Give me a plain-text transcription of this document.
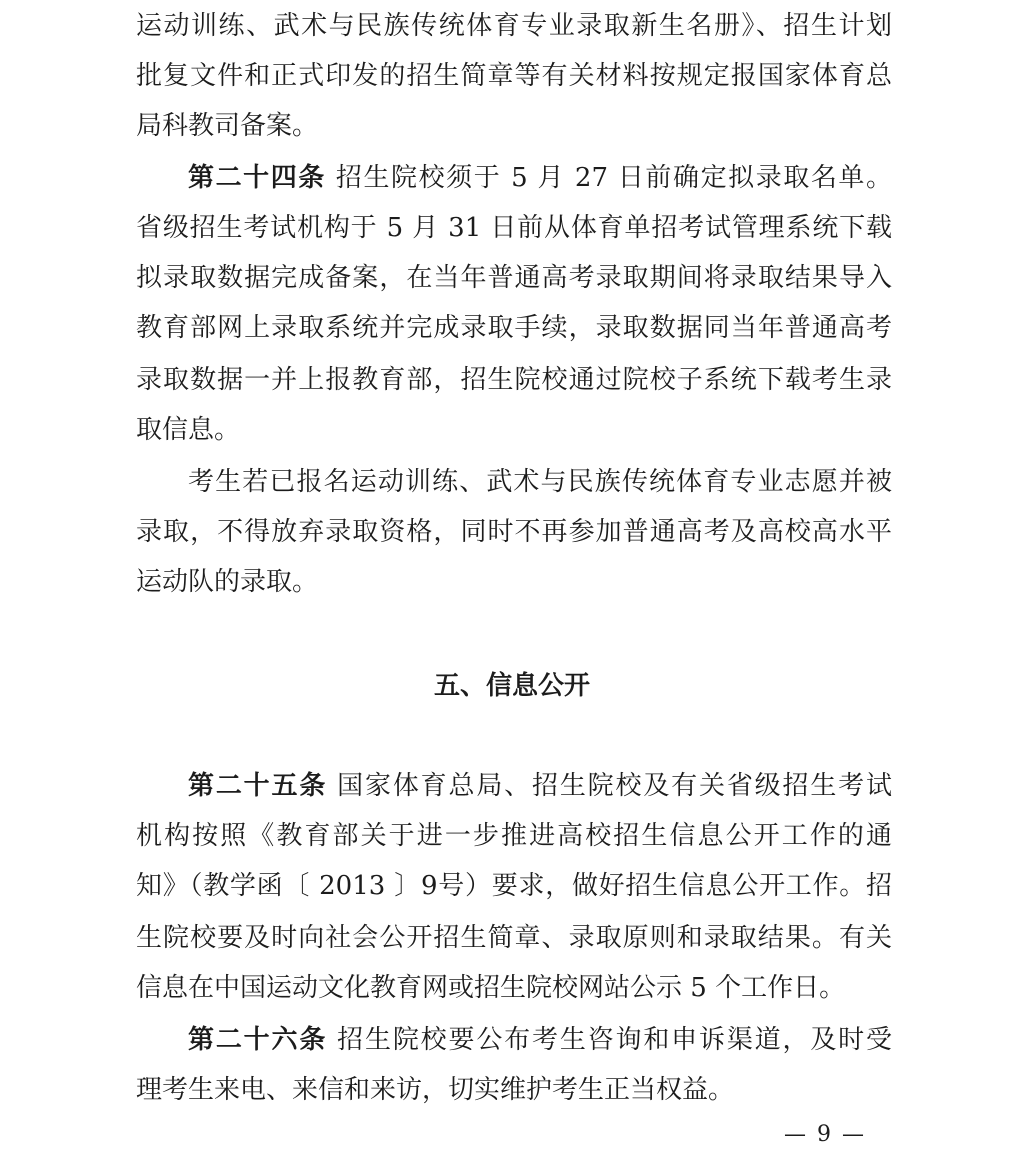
运动训练、武术与民族传统体育专业录取新生名册》、招生计划
批复文件和正式印发的招生简章等有关材料按规定报国家体育总
局科教司备案。
第二十四条 招生院校须于 5 月 27 日前确定拟录取名单。
省级招生考试机构于 5 月 31 日前从体育单招考试管理系统下载
拟录取数据完成备案，在当年普通高考录取期间将录取结果导入
教育部网上录取系统并完成录取手续，录取数据同当年普通高考
录取数据一并上报教育部，招生院校通过院校子系统下载考生录
取信息。
考生若已报名运动训练、武术与民族传统体育专业志愿并被
录取，不得放弃录取资格，同时不再参加普通高考及高校高水平
运动队的录取。
五、信息公开
第二十五条 国家体育总局、招生院校及有关省级招生考试
机构按照《教育部关于进一步推进高校招生信息公开工作的通
知》（教学函〔 2013 〕9号）要求，做好招生信息公开工作。招
生院校要及时向社会公开招生简章、录取原则和录取结果。有关
信息在中国运动文化教育网或招生院校网站公示 5 个工作日。
第二十六条 招生院校要公布考生咨询和申诉渠道，及时受
理考生来电、来信和来访，切实维护考生正当权益。
— 9 —
